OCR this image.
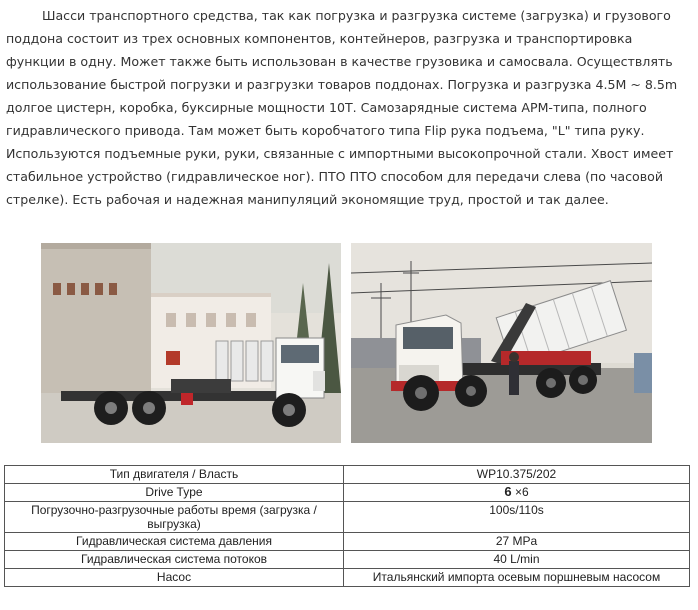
Шасси транспортного средства, так как погрузка и разгрузка системе (загрузка) и грузового поддона состоит из трех основных компонентов, контейнеров, разгрузка и транспортировка функции в одну. Может также быть использован в качестве грузовика и самосвала. Осуществлять использование быстрой погрузки и разгрузки товаров поддонах. Погрузка и разгрузка 4.5M ~ 8.5m долгое цистерн, коробка, буксирные мощности 10Т. Самозарядные система АРМ-типа, полного гидравлического привода. Там может быть коробчатого типа Flip рука подъема, "L" типа руку. Используются подъемные руки, руки, связанные с импортными высокопрочной стали. Хвост имеет стабильное устройство (гидравлическое ног). ПТО ПТО способом для передачи слева (по часовой стрелке). Есть рабочая и надежная манипуляций экономящие труд, простой и так далее.

Тип двигателя / Власть	WP10.375/202
Drive Type	6 ×6
Погрузочно-разгрузочные работы время (загрузка / выгрузка)	100s/110s
Гидравлическая система давления	27 MPa
Гидравлическая система потоков	40 L/min
Насос	Итальянский импорта осевым поршневым насосом
